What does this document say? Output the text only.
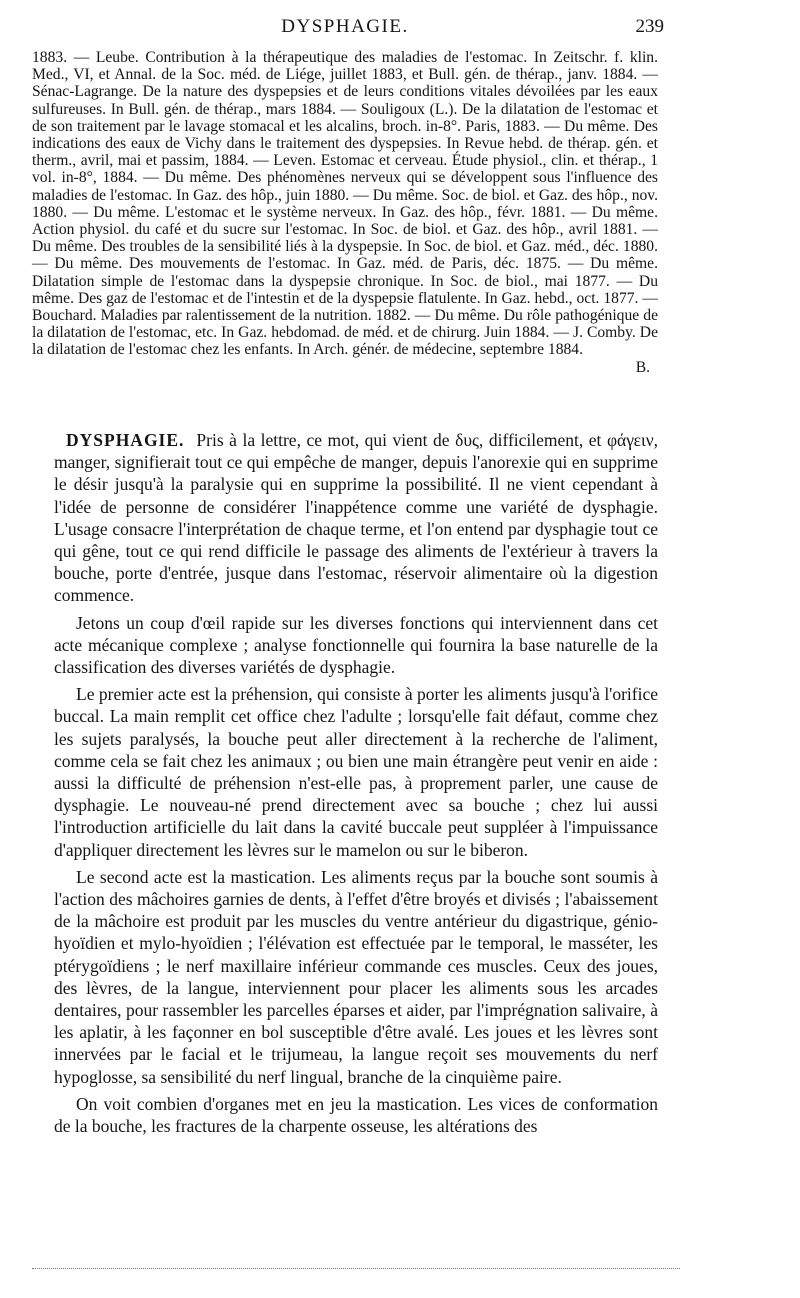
DYSPHAGIE.	239

1883. — Leube. Contribution à la thérapeutique des maladies de l'estomac. In Zeitschr. f. klin. Med., VI, et Annal. de la Soc. méd. de Liége, juillet 1883, et Bull. gén. de thérap., janv. 1884. — Sénac-Lagrange. De la nature des dyspepsies et de leurs conditions vitales dévoilées par les eaux sulfureuses. In Bull. gén. de thérap., mars 1884. — Souligoux (L.). De la dilatation de l'estomac et de son traitement par le lavage stomacal et les alcalins, broch. in-8°. Paris, 1883. — Du même. Des indications des eaux de Vichy dans le traitement des dyspepsies. In Revue hebd. de thérap. gén. et therm., avril, mai et passim, 1884. — Leven. Estomac et cerveau. Étude physiol., clin. et thérap., 1 vol. in-8°, 1884. — Du même. Des phénomènes nerveux qui se développent sous l'influence des maladies de l'estomac. In Gaz. des hôp., juin 1880. — Du même. Soc. de biol. et Gaz. des hôp., nov. 1880. — Du même. L'estomac et le système nerveux. In Gaz. des hôp., févr. 1881. — Du même. Action physiol. du café et du sucre sur l'estomac. In Soc. de biol. et Gaz. des hôp., avril 1881. — Du même. Des troubles de la sensibilité liés à la dyspepsie. In Soc. de biol. et Gaz. méd., déc. 1880. — Du même. Des mouvements de l'estomac. In Gaz. méd. de Paris, déc. 1875. — Du même. Dilatation simple de l'estomac dans la dyspepsie chronique. In Soc. de biol., mai 1877. — Du même. Des gaz de l'estomac et de l'intestin et de la dyspepsie flatulente. In Gaz. hebd., oct. 1877. — Bouchard. Maladies par ralentissement de la nutrition. 1882. — Du même. Du rôle pathogénique de la dilatation de l'estomac, etc. In Gaz. hebdomad. de méd. et de chirurg. Juin 1884. — J. Comby. De la dilatation de l'estomac chez les enfants. In Arch. génér. de médecine, septembre 1884.

B.

DYSPHAGIE. Pris à la lettre, ce mot, qui vient de δυς, difficilement, et φάγειν, manger, signifierait tout ce qui empêche de manger, depuis l'anorexie qui en supprime le désir jusqu'à la paralysie qui en supprime la possibilité. Il ne vient cependant à l'idée de personne de considérer l'inappétence comme une variété de dysphagie. L'usage consacre l'interprétation de chaque terme, et l'on entend par dysphagie tout ce qui gêne, tout ce qui rend difficile le passage des aliments de l'extérieur à travers la bouche, porte d'entrée, jusque dans l'estomac, réservoir alimentaire où la digestion commence.

Jetons un coup d'œil rapide sur les diverses fonctions qui interviennent dans cet acte mécanique complexe ; analyse fonctionnelle qui fournira la base naturelle de la classification des diverses variétés de dysphagie.

Le premier acte est la préhension, qui consiste à porter les aliments jusqu'à l'orifice buccal. La main remplit cet office chez l'adulte ; lorsqu'elle fait défaut, comme chez les sujets paralysés, la bouche peut aller directement à la recherche de l'aliment, comme cela se fait chez les animaux ; ou bien une main étrangère peut venir en aide : aussi la difficulté de préhension n'est-elle pas, à proprement parler, une cause de dysphagie. Le nouveau-né prend directement avec sa bouche ; chez lui aussi l'introduction artificielle du lait dans la cavité buccale peut suppléer à l'impuissance d'appliquer directement les lèvres sur le mamelon ou sur le biberon.

Le second acte est la mastication. Les aliments reçus par la bouche sont soumis à l'action des mâchoires garnies de dents, à l'effet d'être broyés et divisés ; l'abaissement de la mâchoire est produit par les muscles du ventre antérieur du digastrique, génio-hyoïdien et mylo-hyoïdien ; l'élévation est effectuée par le temporal, le masséter, les ptérygoïdiens ; le nerf maxillaire inférieur commande ces muscles. Ceux des joues, des lèvres, de la langue, interviennent pour placer les aliments sous les arcades dentaires, pour rassembler les parcelles éparses et aider, par l'imprégnation salivaire, à les aplatir, à les façonner en bol susceptible d'être avalé. Les joues et les lèvres sont innervées par le facial et le trijumeau, la langue reçoit ses mouvements du nerf hypoglosse, sa sensibilité du nerf lingual, branche de la cinquième paire.

On voit combien d'organes met en jeu la mastication. Les vices de conformation de la bouche, les fractures de la charpente osseuse, les altérations des
